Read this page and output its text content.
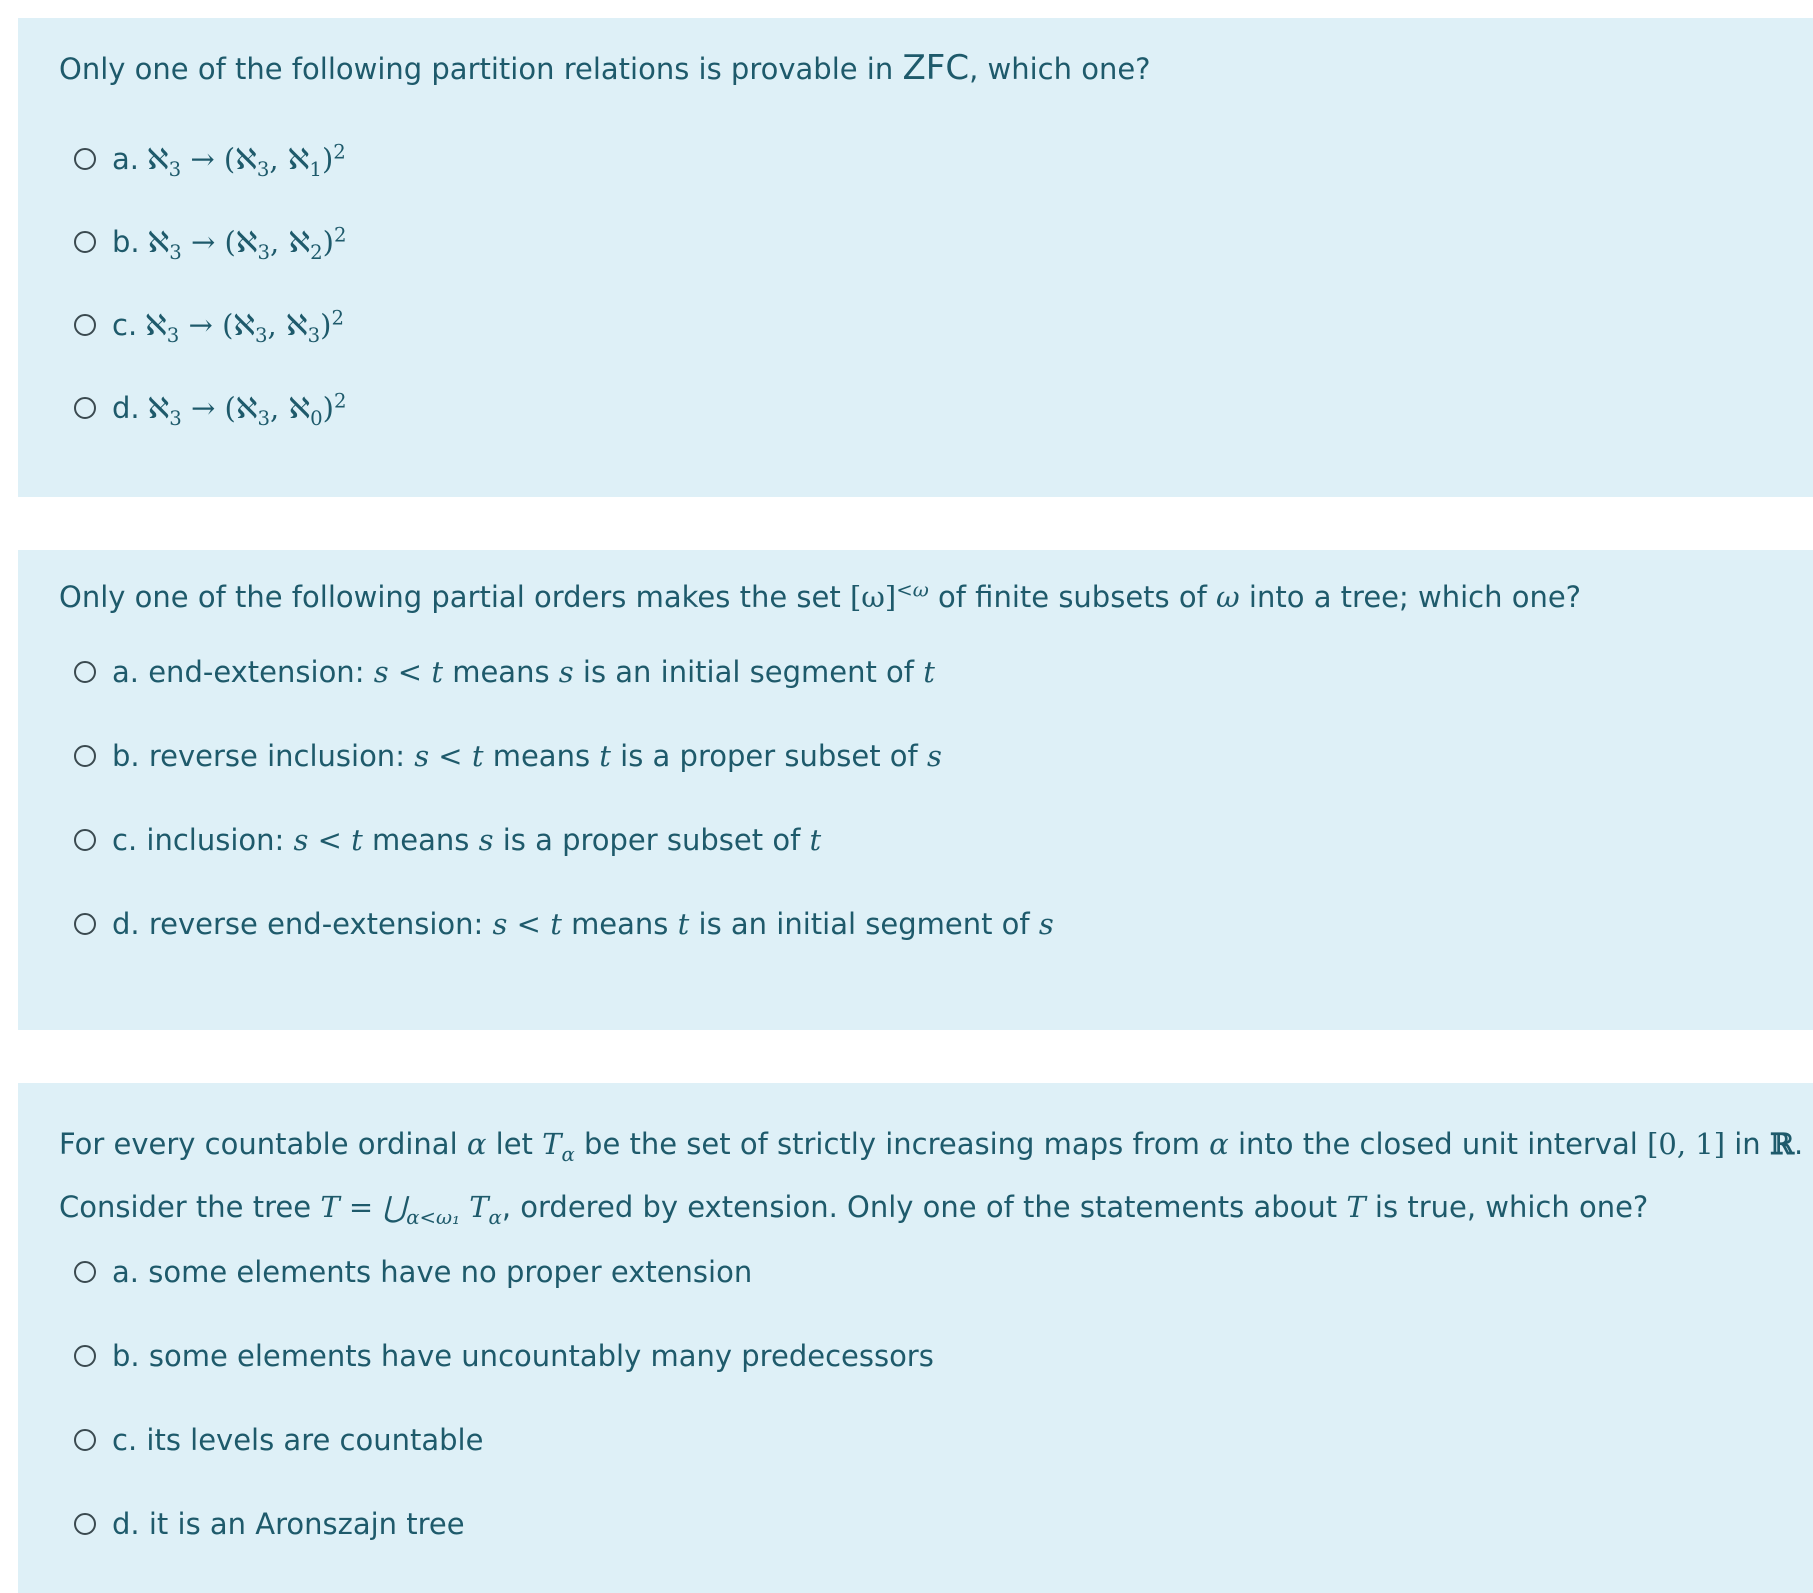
Only one of the following partition relations is provable in ZFC, which one?
a. ℵ$_3$ → (ℵ$_3$, ℵ$_1$)$^2$
b. ℵ$_3$ → (ℵ$_3$, ℵ$_2$)$^2$
c. ℵ$_3$ → (ℵ$_3$, ℵ$_3$)$^2$
d. ℵ$_3$ → (ℵ$_3$, ℵ$_0$)$^2$
Only one of the following partial orders makes the set $[\omega]^{<\omega}$ of finite subsets of ω into a tree; which one?
a. end-extension: s < t means s is an initial segment of t
b. reverse inclusion: s < t means t is a proper subset of s
c. inclusion: s < t means s is a proper subset of t
d. reverse end-extension: s < t means t is an initial segment of s
For every countable ordinal α let $T_\alpha$ be the set of strictly increasing maps from α into the closed unit interval [0, 1] in ℝ.
Consider the tree $T = ⋃_{\alpha<\omega_1}$ $T_\alpha$, ordered by extension. Only one of the statements about T is true, which one?
a. some elements have no proper extension
b. some elements have uncountably many predecessors
c. its levels are countable
d. it is an Aronszajn tree
